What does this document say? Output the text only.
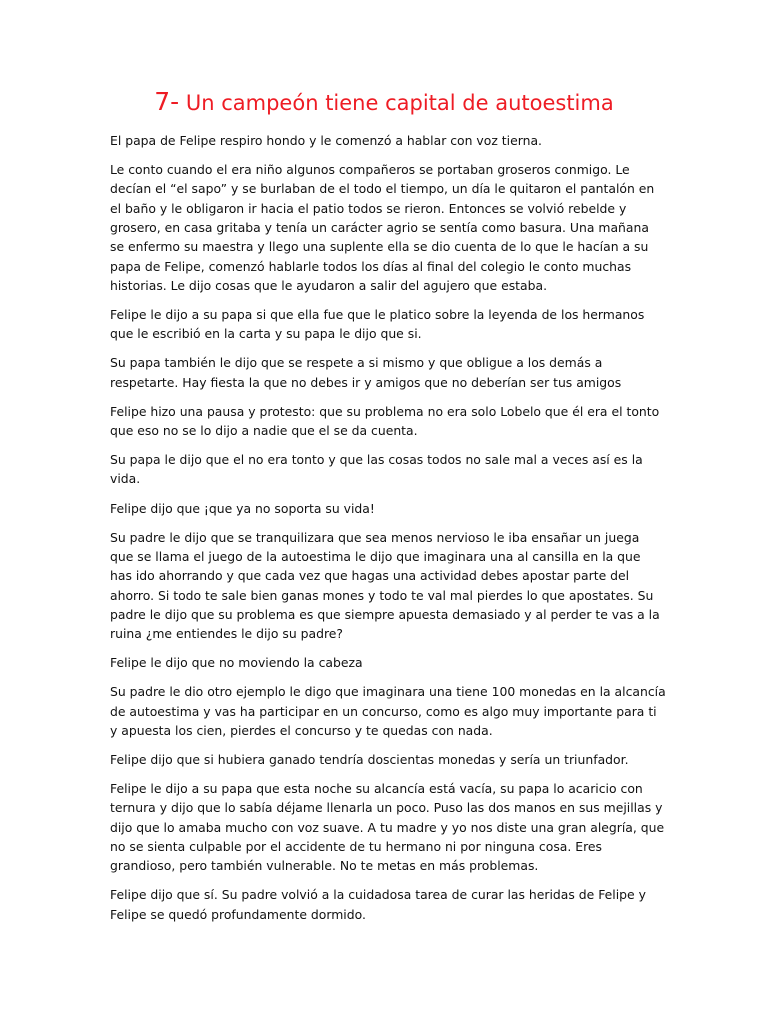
7- Un campeón tiene capital de autoestima

El papa de Felipe respiro hondo y le comenzó a hablar con voz tierna.

Le conto cuando el era niño algunos compañeros se portaban groseros conmigo. Le decían el “el sapo” y se burlaban de el todo el tiempo, un día le quitaron el pantalón en el baño y le obligaron ir hacia el patio todos se rieron. Entonces se volvió rebelde y grosero, en casa gritaba y tenía un carácter agrio se sentía como basura. Una mañana se enfermo su maestra y llego una suplente ella se dio cuenta de lo que le hacían a su papa de Felipe, comenzó hablarle todos los días al final del colegio le conto muchas historias. Le dijo cosas que le ayudaron a salir del agujero que estaba.

Felipe le dijo a su papa si que ella fue que le platico sobre la leyenda de los hermanos que le escribió en la carta y su papa le dijo que si.

Su papa también le dijo que se respete a si mismo y que obligue a los demás a respetarte. Hay fiesta la que no debes ir y amigos que no deberían ser tus amigos

Felipe hizo una pausa y protesto: que su problema no era solo Lobelo que él era el tonto que eso no se lo dijo a nadie que el se da cuenta.

Su papa le dijo que el no era tonto y que las cosas todos no sale mal a veces así es la vida.

Felipe dijo que ¡que ya no soporta su vida!

Su padre le dijo que se tranquilizara que sea menos nervioso le iba ensañar un juega que se llama el juego de la autoestima le dijo que imaginara una al cansilla en la que has ido ahorrando y que cada vez que hagas una actividad debes apostar parte del ahorro. Si todo te sale bien ganas mones y todo te val mal pierdes lo que apostates. Su padre le dijo que su problema es que siempre apuesta demasiado y al perder te vas a la ruina ¿me entiendes le dijo su padre?

Felipe le dijo que no moviendo la cabeza

Su padre le dio otro ejemplo le digo que imaginara una tiene 100 monedas en la alcancía de autoestima y vas ha participar en un concurso, como es algo muy importante para ti y apuesta los cien, pierdes el concurso y te quedas con nada.

Felipe dijo que si hubiera ganado tendría doscientas monedas y sería un triunfador.

Felipe le dijo a su papa que esta noche su alcancía está vacía, su papa lo acaricio con ternura y dijo que lo sabía déjame llenarla un poco. Puso las dos manos en sus mejillas y dijo que lo amaba mucho con voz suave. A tu madre y yo nos diste una gran alegría, que no se sienta culpable por el accidente de tu hermano ni por ninguna cosa. Eres grandioso, pero también vulnerable. No te metas en más problemas.

Felipe dijo que sí. Su padre volvió a la cuidadosa tarea de curar las heridas de Felipe y Felipe se quedó profundamente dormido.
